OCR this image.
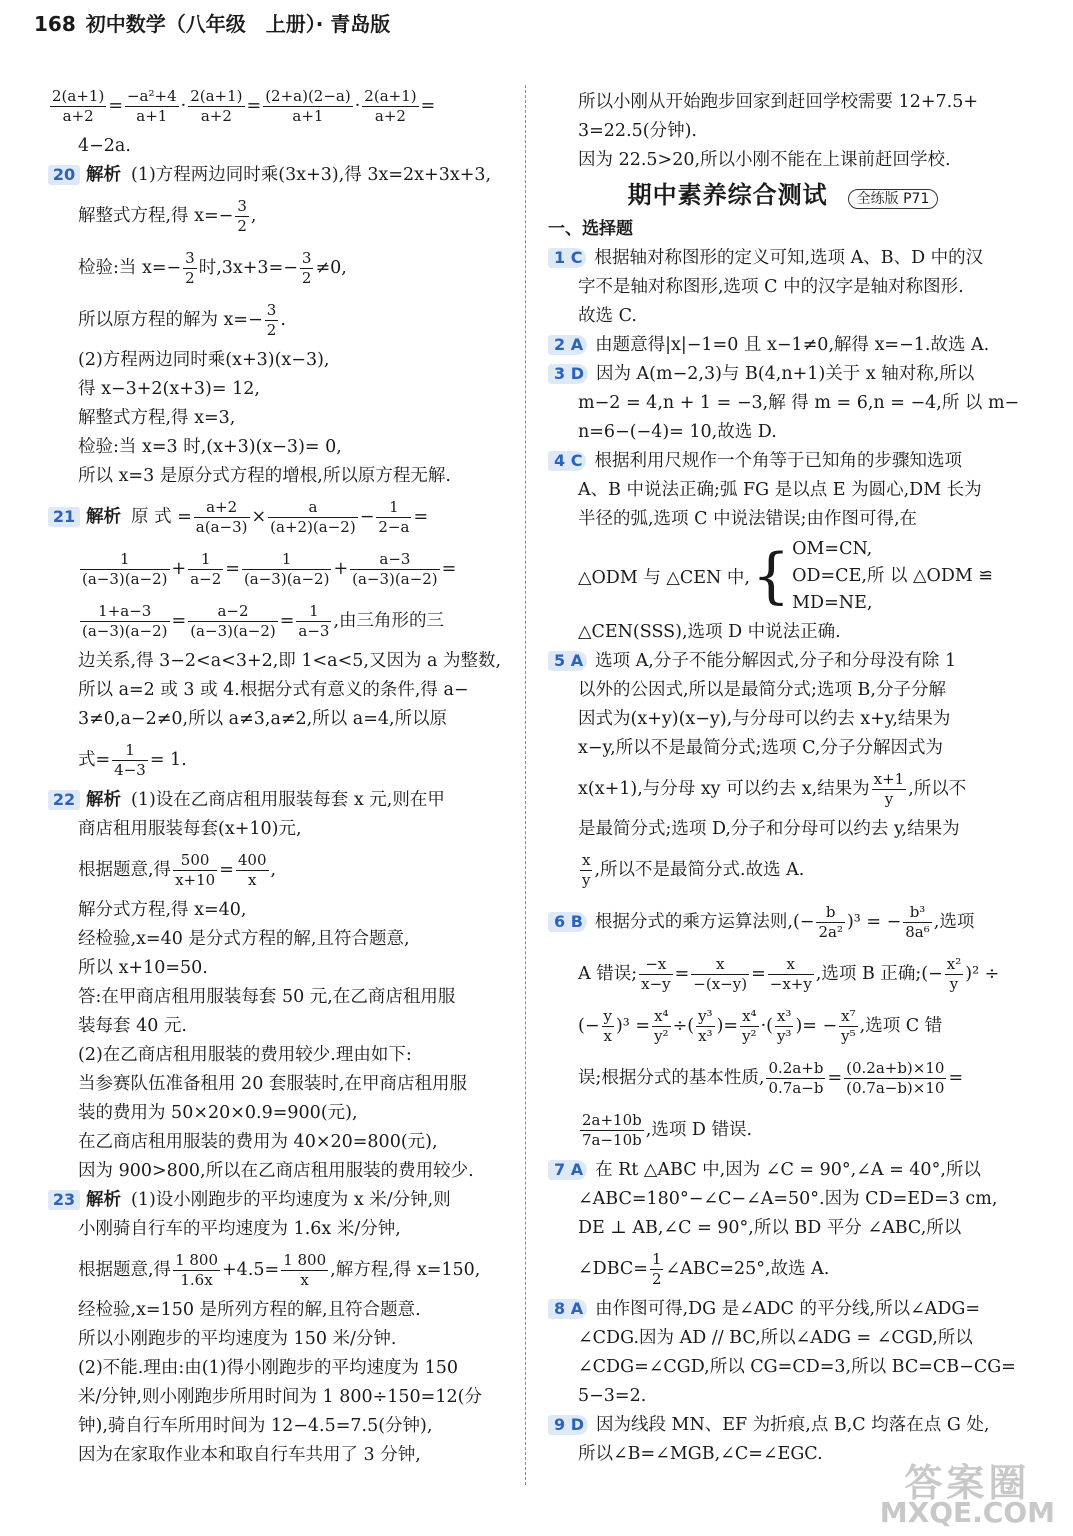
168 初中数学（八年级　上册）· 青岛版
$\frac{2(a+1)}{a+2} = \frac{\text{−a²+4}}{a+1} \cdot \frac{2(a+1)}{a+2} = \frac{(2+a)(2-a)}{a+1} \cdot \frac{2(a+1)}{a+2}$ =
4−2a.
20 解析 (1)方程两边同时乘(3x+3),得 3x=2x+3x+3,
解整式方程,得 $x=- \frac{3}{2}$ ,
检验:当 $x=- \frac{3}{2}$ 时$,3x+3=- \frac{3}{2} \ne 0$,
所以原方程的解为 $x=- \frac{3}{2}$ .
(2)方程两边同时乘(x+3)(x−3),
得 x−3+2(x+3)= 12,
解整式方程,得 x=3,
检验:当 x=3 时,(x+3)(x−3)= 0,
所以 x=3 是原分式方程的增根,所以原方程无解.
21 解析 原 式 = $\frac{a+2}{a(a-3)} \times \frac{a}{(a+2)(a-2)} - \frac{1}{2-a}$ =
$\frac{1}{(a-3)(a-2)} + \frac{1}{a-2} = \frac{1}{(a-3)(a-2)} + \frac{a-3}{(a-3)(a-2)}$ =
$\frac{1+a-3}{(a-3)(a-2)} = \frac{a-2}{(a-3)(a-2)} = \frac{1}{a-3}$ ,由三角形的三
边关系,得 3−2<a<3+2,即 1<a<5,又因为 a 为整数,
所以 a=2 或 3 或 4.根据分式有意义的条件,得 a−
3≠0,a−2≠0,所以 a≠3,a≠2,所以 a=4,所以原
式= $\frac{1}{4-3} = 1$.
22 解析 (1)设在乙商店租用服装每套 x 元,则在甲
商店租用服装每套(x+10)元,
根据题意,得 $\frac{500}{x+10} = \frac{400}{x}$ ,
解分式方程,得 x=40,
经检验,x=40 是分式方程的解,且符合题意,
所以 x+10=50.
答:在甲商店租用服装每套 50 元,在乙商店租用服
装每套 40 元.
(2)在乙商店租用服装的费用较少.理由如下:
当参赛队伍准备租用 20 套服装时,在甲商店租用服
装的费用为 50×20×0.9=900(元),
在乙商店租用服装的费用为 40×20=800(元),
因为 900>800,所以在乙商店租用服装的费用较少.
23 解析 (1)设小刚跑步的平均速度为 x 米/分钟,则
小刚骑自行车的平均速度为 1.6x 米/分钟,
根据题意,得 $\frac{1 800}{1.6x} +4.5= \frac{1 800}{x}$ ,解方程,得 x=150,
经检验,x=150 是所列方程的解,且符合题意.
所以小刚跑步的平均速度为 150 米/分钟.
(2)不能.理由:由(1)得小刚跑步的平均速度为 150
米/分钟,则小刚跑步所用时间为 1 800÷150=12(分
钟),骑自行车所用时间为 12−4.5=7.5(分钟),
因为在家取作业本和取自行车共用了 3 分钟,
所以小刚从开始跑步回家到赶回学校需要 12+7.5+
3=22.5(分钟).
因为 22.5>20,所以小刚不能在上课前赶回学校.
期中素养综合测试 全练版 P71
一、选择题
1 C 根据轴对称图形的定义可知,选项 A、B、D 中的汉
字不是轴对称图形,选项 C 中的汉字是轴对称图形.
故选 C.
2 A 由题意得|x|−1=0 且 x−1≠0,解得 x=−1.故选 A.
3 D 因为 A(m−2,3)与 B(4,n+1)关于 x 轴对称,所以
m−2 = 4,n + 1 = −3,解 得 m = 6,n = −4,所 以 m−
n=6−(−4)= 10,故选 D.
4 C 根据利用尺规作一个角等于已知角的步骤知选项
A、B 中说法正确;弧 FG 是以点 E 为圆心,DM 长为
半径的弧,选项 C 中说法错误;由作图可得,在
△ODM 与 △CEN 中, { OM=CN,
OD=CE,所 以 △ODM ≌
MD=NE,
△CEN(SSS),选项 D 中说法正确.
5 A 选项 A,分子不能分解因式,分子和分母没有除 1
以外的公因式,所以是最简分式;选项 B,分子分解
因式为(x+y)(x−y),与分母可以约去 x+y,结果为
x−y,所以不是最简分式;选项 C,分子分解因式为
x(x+1),与分母 xy 可以约去 x,结果为 $\frac{x+1}{y}$ ,所以不
是最简分式;选项 D,分子和分母可以约去 y,结果为
$\frac{x}{y}$ ,所以不是最简分式.故选 A.
6 B 根据分式的乘方运算法则,(− $\frac{b}{\text{2a²}} )^3$ = − $\frac{\text{b³}}{\text{8a⁶}}$ ,选项
A 错误; $\frac{-x}{x-y} = \frac{x}{-(x-y)} = \frac{x}{-x+y}$ ,选项 B 正确;(− $\frac{\text{x²}}{y} )^2$ ÷
(− $\frac{y}{x} )^3 = \frac{\text{x⁴}}{\text{y²}}$ ÷( $\frac{\text{y³}}{\text{x³}}$ )= $\frac{\text{x⁴}}{\text{y²}}$ ·( $\frac{\text{x³}}{\text{y³}}$ )= − $\frac{\text{x⁷}}{\text{y⁵}}$ ,选项 C 错
误;根据分式的基本性质, $\frac{0.2a+b}{0.7a-b} = \frac{(0.2a+b)\times 10}{(0.7a-b)\times 10}$ =
$\frac{2a+10b}{7a-10b}$ ,选项 D 错误.
7 A 在 Rt △ABC 中,因为 ∠C = 90°,∠A = 40°,所以
∠ABC=180°−∠C−∠A=50°.因为 CD=ED=3 cm,
DE ⊥ AB,∠C = 90°,所以 BD 平分 ∠ABC,所以
∠DBC= $\frac{1}{2}$ ∠ABC=25°,故选 A.
8 A 由作图可得,DG 是∠ADC 的平分线,所以∠ADG=
∠CDG.因为 AD // BC,所以∠ADG = ∠CGD,所以
∠CDG=∠CGD,所以 CG=CD=3,所以 BC=CB−CG=
5−3=2.
9 D 因为线段 MN、EF 为折痕,点 B,C 均落在点 G 处,
所以∠B=∠MGB,∠C=∠EGC.
答案圈
MXQE.COM
